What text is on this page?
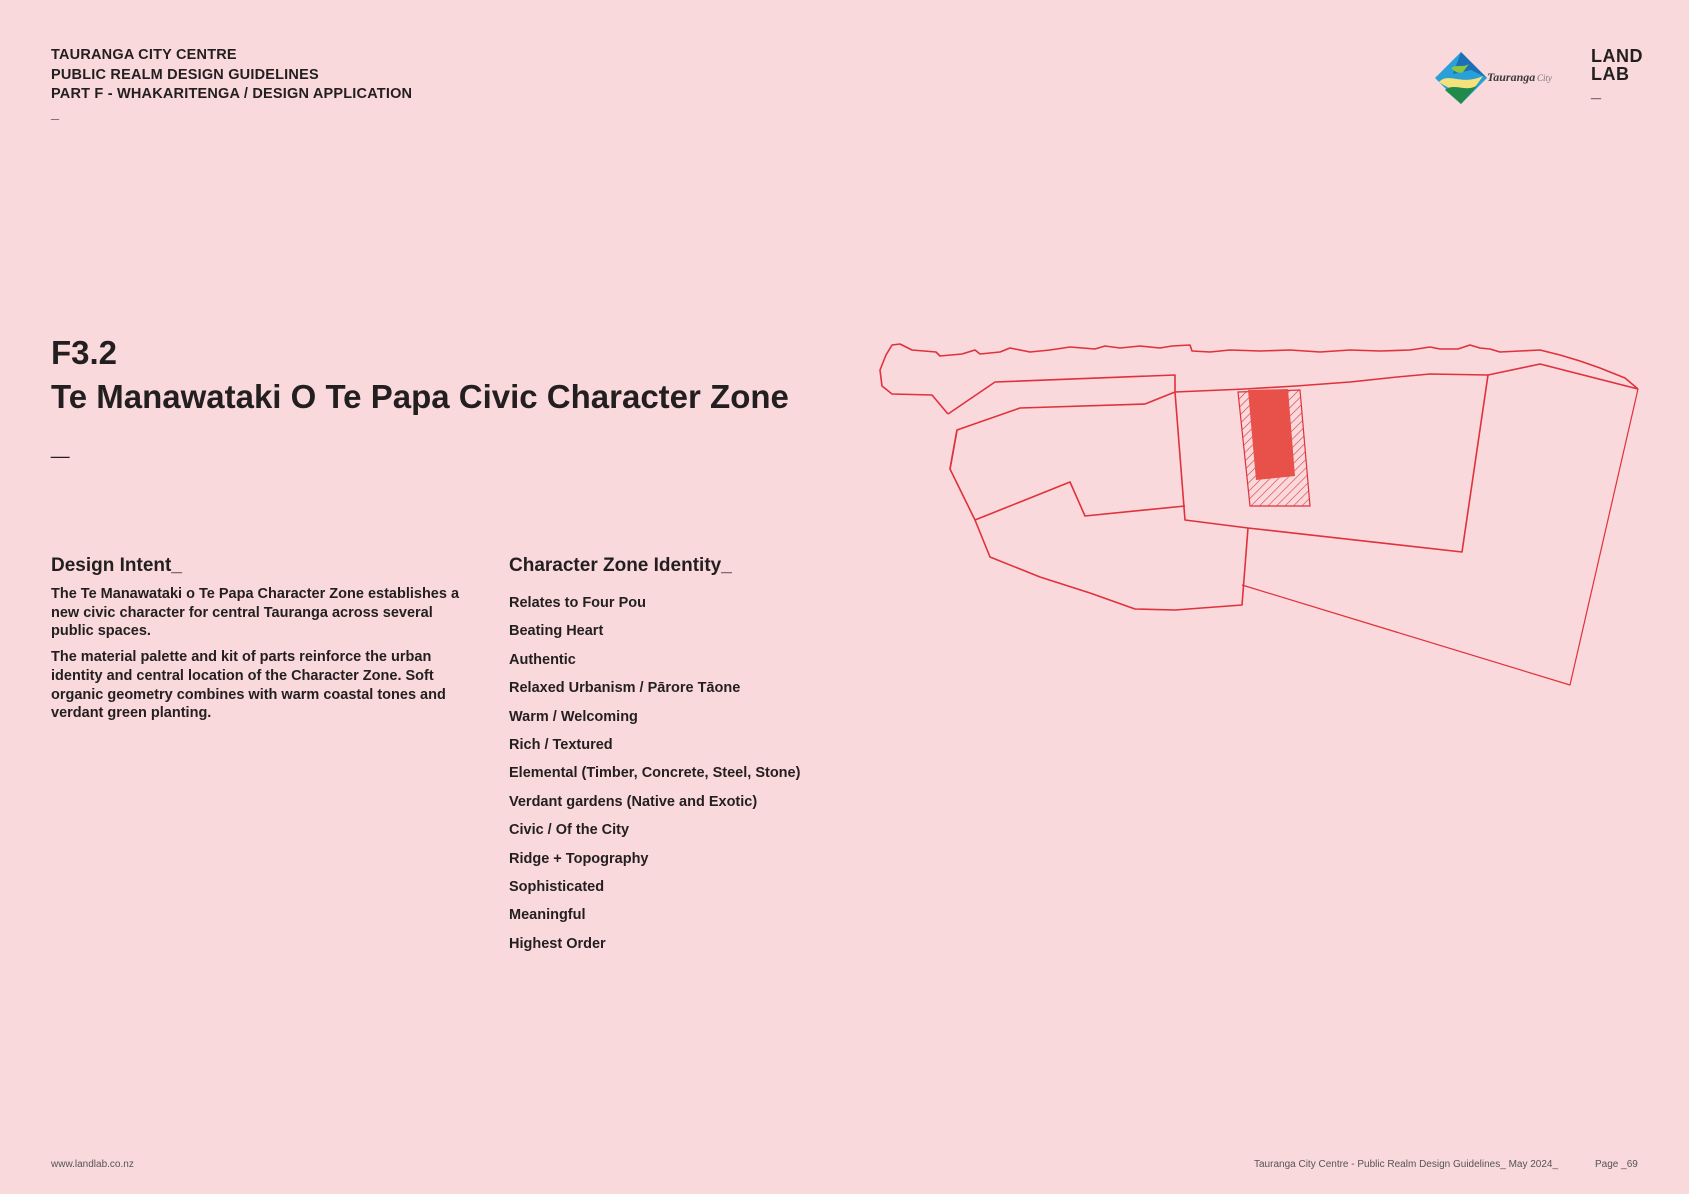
TAURANGA CITY CENTRE
PUBLIC REALM DESIGN GUIDELINES
PART F - WHAKARITENGA / DESIGN APPLICATION
_
Tauranga City
LAND
LAB
_
F3.2
Te Manawataki O Te Papa Civic Character Zone
_
Design Intent_

The Te Manawataki o Te Papa Character Zone establishes a new civic character for central Tauranga across several public spaces.

The material palette and kit of parts reinforce the urban identity and central location of the Character Zone. Soft organic geometry combines with warm coastal tones and verdant green planting.

Character Zone Identity_
Relates to Four Pou
Beating Heart
Authentic
Relaxed Urbanism / Pārore Tāone
Warm / Welcoming
Rich / Textured
Elemental (Timber, Concrete, Steel, Stone)
Verdant gardens (Native and Exotic)
Civic / Of the City
Ridge + Topography
Sophisticated
Meaningful
Highest Order
www.landlab.co.nz	Tauranga City Centre - Public Realm Design Guidelines_ May 2024_	Page _69
